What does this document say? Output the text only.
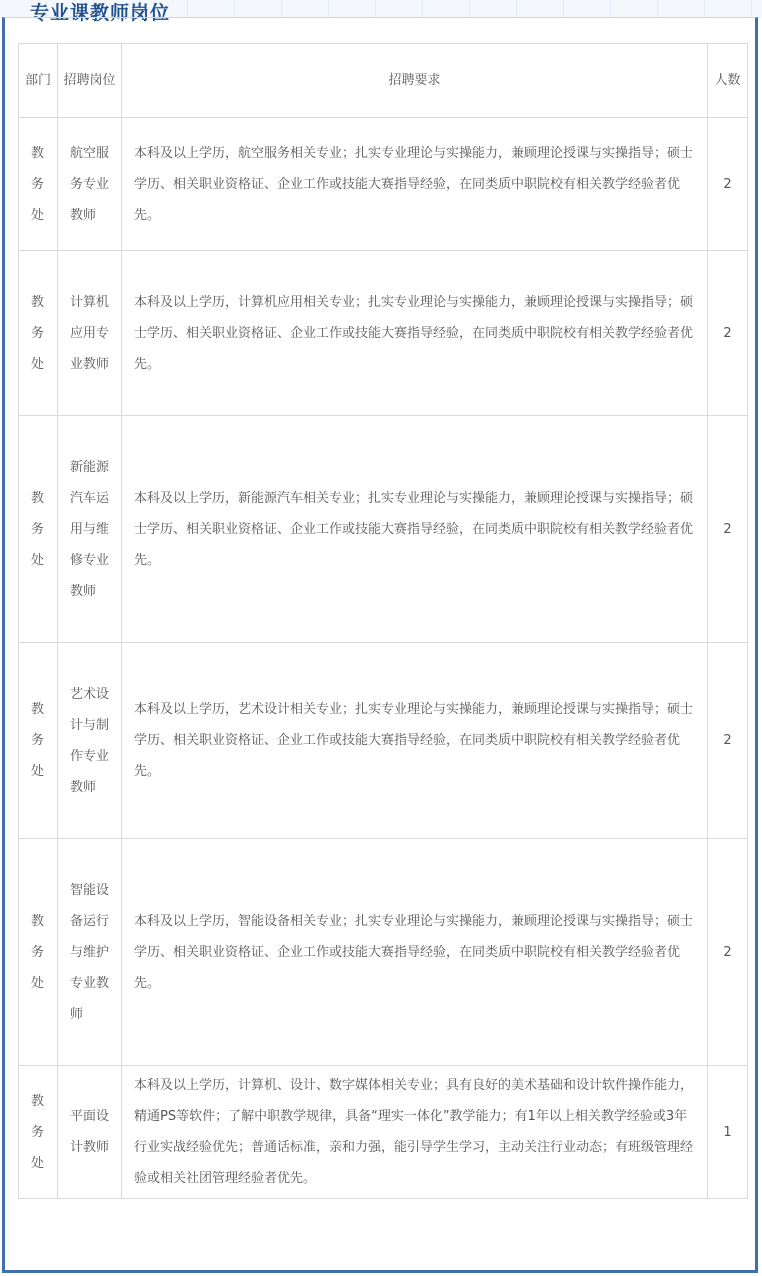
专业课教师岗位
部门	招聘岗位	招聘要求	人数
教务处	航空服务专业教师	本科及以上学历，航空服务相关专业；扎实专业理论与实操能力，兼顾理论授课与实操指导；硕士学历、相关职业资格证、企业工作或技能大赛指导经验，在同类质中职院校有相关教学经验者优先。	2
教务处	计算机应用专业教师	本科及以上学历，计算机应用相关专业；扎实专业理论与实操能力，兼顾理论授课与实操指导；硕士学历、相关职业资格证、企业工作或技能大赛指导经验，在同类质中职院校有相关教学经验者优先。	2
教务处	新能源汽车运用与维修专业教师	本科及以上学历，新能源汽车相关专业；扎实专业理论与实操能力，兼顾理论授课与实操指导；硕士学历、相关职业资格证、企业工作或技能大赛指导经验，在同类质中职院校有相关教学经验者优先。	2
教务处	艺术设计与制作专业教师	本科及以上学历，艺术设计相关专业；扎实专业理论与实操能力，兼顾理论授课与实操指导；硕士学历、相关职业资格证、企业工作或技能大赛指导经验，在同类质中职院校有相关教学经验者优先。	2
教务处	智能设备运行与维护专业教师	本科及以上学历，智能设备相关专业；扎实专业理论与实操能力，兼顾理论授课与实操指导；硕士学历、相关职业资格证、企业工作或技能大赛指导经验，在同类质中职院校有相关教学经验者优先。	2
教务处	平面设计教师	本科及以上学历，计算机、设计、数字媒体相关专业；具有良好的美术基础和设计软件操作能力，精通PS等软件；了解中职教学规律，具备“理实一体化”教学能力；有1年以上相关教学经验或3年行业实战经验优先；普通话标准，亲和力强，能引导学生学习，主动关注行业动态；有班级管理经验或相关社团管理经验者优先。	1
